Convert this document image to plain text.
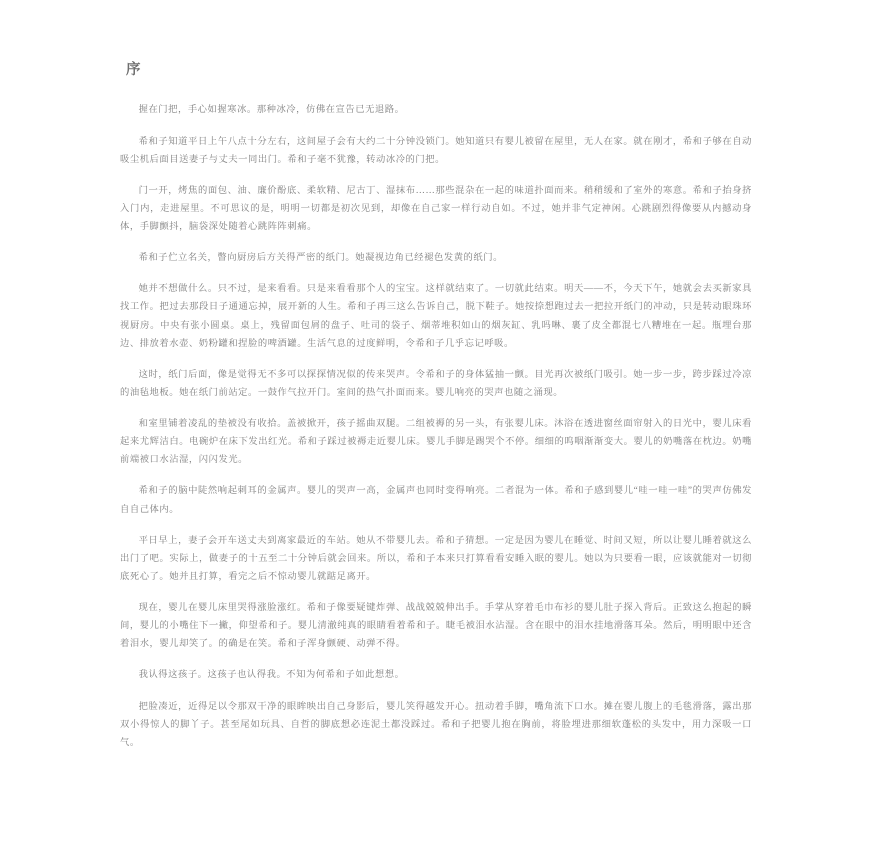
序

握在门把，手心如握寒冰。那种冰冷，仿佛在宣告已无退路。

希和子知道平日上午八点十分左右，这间屋子会有大约二十分钟没锁门。她知道只有婴儿被留在屋里，无人在家。就在刚才，希和子够在自动吸尘机后面目送妻子与丈夫一同出门。希和子毫不犹豫，转动冰冷的门把。

门一开，烤焦的面包、油、廉价酚底、柔软精、尼古丁、湿抹布……那些混杂在一起的味道扑面而来。稍稍缓和了室外的寒意。希和子抬身挤入门内，走进屋里。不可思议的是，明明一切都是初次见到，却像在自己家一样行动自如。不过，她并非气定神闲。心跳剧烈得像要从内撼动身体，手脚颤抖，脑袋深处随着心跳阵阵刺痛。

希和子伫立名关，瞥向厨房后方关得严密的纸门。她凝视边角已经褪色发黄的纸门。

她并不想做什么。只不过，是来看看。只是来看看那个人的宝宝。这样就结束了。一切就此结束。明天——不，今天下午，她就会去买新家具找工作。把过去那段日子通通忘掉，展开新的人生。希和子再三这么告诉自己，脱下鞋子。她按捺想跑过去一把拉开纸门的冲动，只是转动眼珠环视厨房。中央有张小圆桌。桌上，残留面包屑的盘子、吐司的袋子、烟蒂堆积如山的烟灰缸、乳吗啉、裹了皮全都混七八糟堆在一起。瓶埋台那边、排放着水壶、奶粉罐和捏脸的啤酒罐。生活气息的过度鲜明，令希和子几乎忘记呼吸。

这时，纸门后面，像是觉得无不多可以探探情况似的传来哭声。令希和子的身体猛抽一颤。目光再次被纸门吸引。她一步一步，跨步踩过冷凉的油毡地板。她在纸门前站定。一鼓作气拉开门。室间的热气扑面而来。婴儿响亮的哭声也随之涌现。

和室里铺着凌乱的垫被没有收拾。盖被掀开，孩子摇曲双腿。二组被褥的另一头，有张婴儿床。沐浴在透进窗丝面帘射入的日光中，婴儿床看起来尤辉洁白。电碗炉在床下发出红光。希和子踩过被褥走近婴儿床。婴儿手脚是踢哭个不停。细细的呜咽渐渐变大。婴儿的奶嘴落在枕边。奶嘴前端被口水沾湿，闪闪发光。

希和子的脑中陡然响起刺耳的金属声。婴儿的哭声一高，金属声也同时变得响亮。二者混为一体。希和子感到婴儿“哇一哇一哇”的哭声仿佛发自自己体内。

平日早上，妻子会开车送丈夫到离家最近的车站。她从不带婴儿去。希和子猜想。一定是因为婴儿在睡觉、时间又短，所以让婴儿睡着就这么出门了吧。实际上，做妻子的十五至二十分钟后就会回来。所以，希和子本来只打算看看安睡入眠的婴儿。她以为只要看一眼，应该就能对一切彻底死心了。她并且打算，看完之后不惊动婴儿就踮足离开。

现在，婴儿在婴儿床里哭得涨脸涨红。希和子像要疑键炸弹、战战兢兢伸出手。手掌从穿着毛巾布衫的婴儿肚子探入背后。正致这么抱起的瞬间，婴儿的小嘴住下一撇，仰望希和子。婴儿清澈纯真的眼睛看着希和子。睫毛被泪水沾湿。含在眼中的泪水挂地滑落耳朵。然后，明明眼中还含着泪水，婴儿却笑了。的确是在笑。希和子浑身颤硬、动弹不得。

我认得这孩子。这孩子也认得我。不知为何希和子如此想想。

把脸凑近，近得足以令那双干净的眼眸映出自己身影后，婴儿笑得越发开心。扭动着手脚，嘴角流下口水。摊在婴儿腹上的毛毯滑落，露出那双小得惊人的脚丫子。甚至尾如玩具、自哲的脚底想必连泥土都没踩过。希和子把婴儿抱在胸前，将脸埋进那细软蓬松的头发中，用力深吸一口气。
